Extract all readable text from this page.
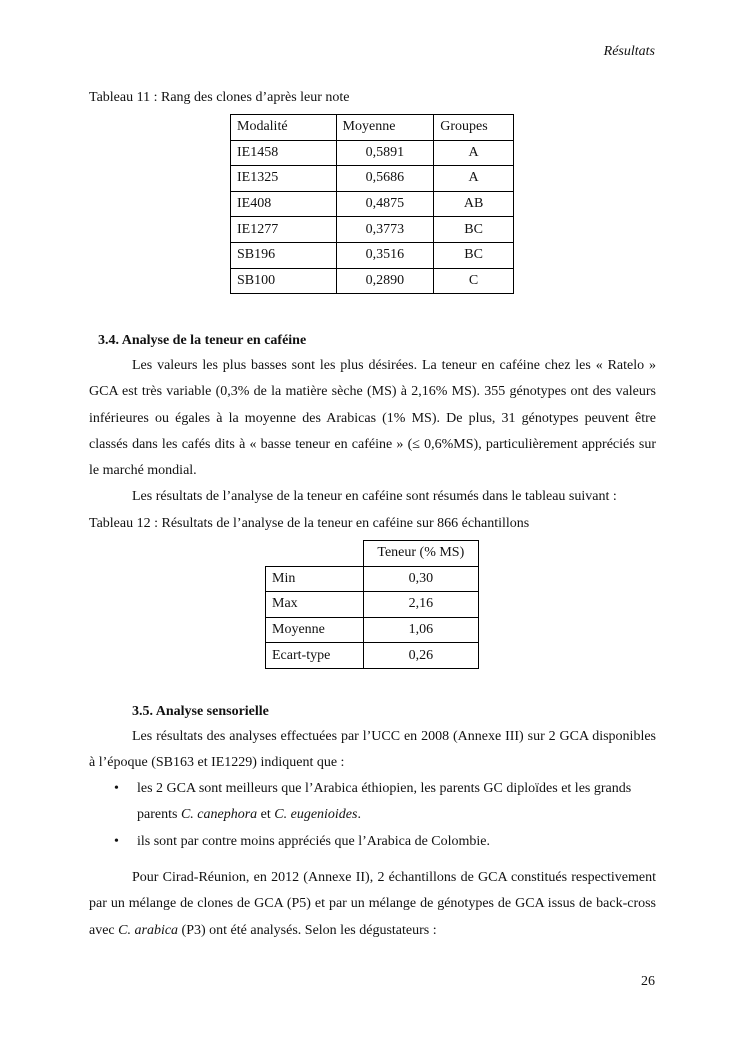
Résultats
Tableau 11 : Rang des clones d’après leur note
Modalité	Moyenne	Groupes
IE1458	0,5891	A
IE1325	0,5686	A
IE408	0,4875	AB
IE1277	0,3773	BC
SB196	0,3516	BC
SB100	0,2890	C
3.4. Analyse de la teneur en caféine

Les valeurs les plus basses sont les plus désirées. La teneur en caféine chez les « Ratelo » GCA est très variable (0,3% de la matière sèche (MS) à 2,16% MS). 355 génotypes ont des valeurs inférieures ou égales à la moyenne des Arabicas (1% MS). De plus, 31 génotypes peuvent être classés dans les cafés dits à « basse teneur en caféine » (≤ 0,6%MS), particulièrement appréciés sur le marché mondial.

Les résultats de l’analyse de la teneur en caféine sont résumés dans le tableau suivant :

Tableau 12 : Résultats de l’analyse de la teneur en caféine sur 866 échantillons
	Teneur (% MS)
Min	0,30
Max	2,16
Moyenne	1,06
Ecart-type	0,26
3.5. Analyse sensorielle

Les résultats des analyses effectuées par l’UCC en 2008 (Annexe III) sur 2 GCA disponibles à l’époque (SB163 et IE1229) indiquent que :

• les 2 GCA sont meilleurs que l’Arabica éthiopien, les parents GC diploïdes et les grands parents C. canephora et C. eugenioides.
• ils sont par contre moins appréciés que l’Arabica de Colombie.

Pour Cirad-Réunion, en 2012 (Annexe II), 2 échantillons de GCA constitués respectivement par un mélange de clones de GCA (P5) et par un mélange de génotypes de GCA issus de back-cross avec C. arabica (P3) ont été analysés. Selon les dégustateurs :

26
